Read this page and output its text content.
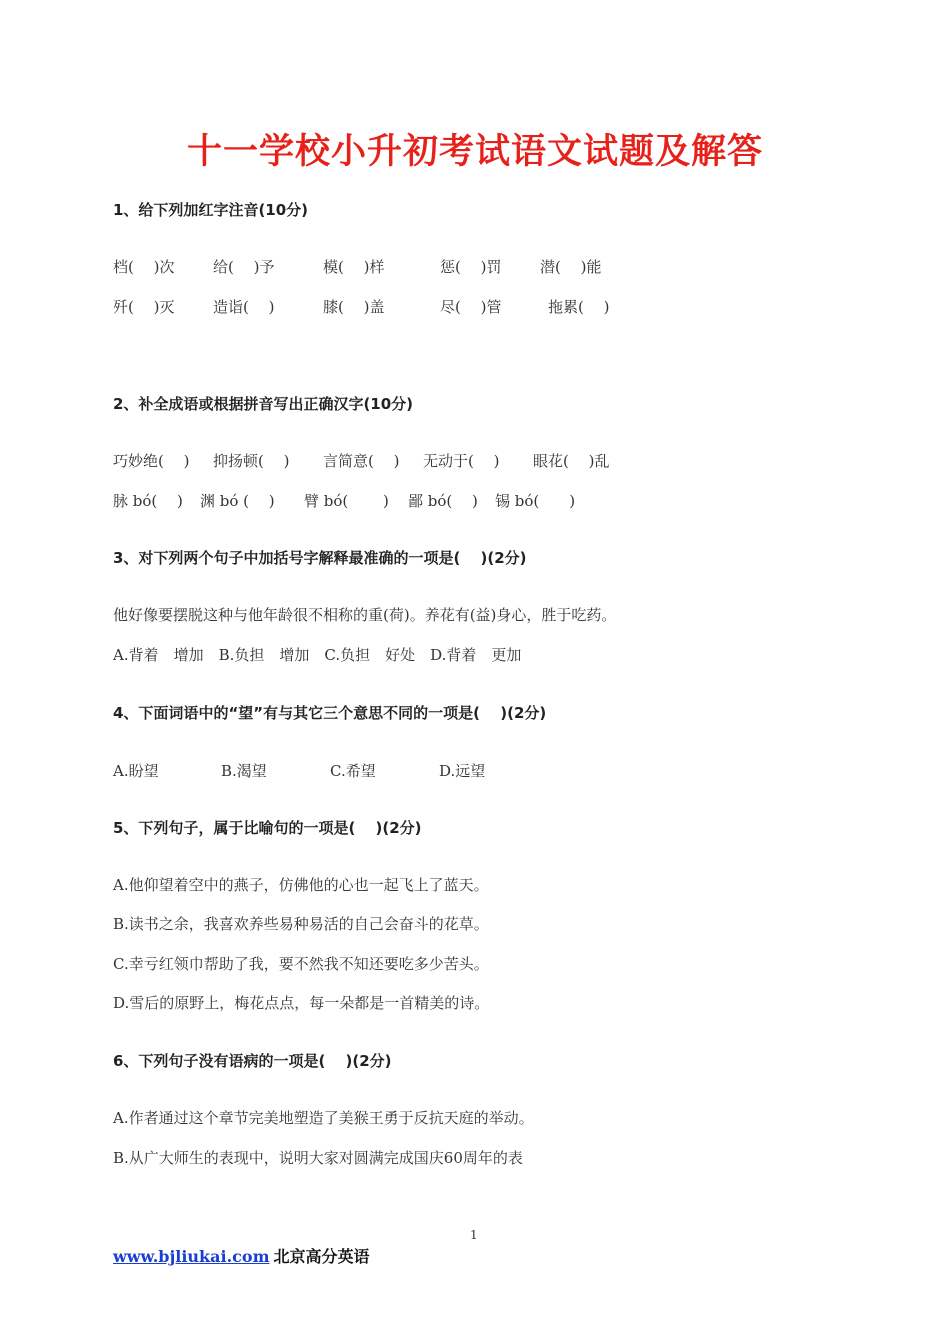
十一学校小升初考试语文试题及解答
1、给下列加红字注音(10分)
档(　 )次	给(　 )予	模(　 )样	惩(　 )罚	潜(　 )能
歼(　 )灭	造诣(　 )	膝(　 )盖	尽(　 )管	拖累(　 )
2、补全成语或根据拼音写出正确汉字(10分)
巧妙绝(　 ) 抑扬顿(　 ) 言简意(　 ) 无动于(　 ) 眼花(　 )乱
脉 bó(　 ) 渊 bó (　 ) 臂 bó(　　 ) 鄙 bó(　 ) 锡 bó(　　)
3、对下列两个句子中加括号字解释最准确的一项是(　 )(2分)
他好像要摆脱这种与他年龄很不相称的重(荷)。养花有(益)身心，胜于吃药。
A.背着　增加　B.负担　增加　C.负担　好处　D.背着　更加
4、下面词语中的“望”有与其它三个意思不同的一项是(　 )(2分)
A.盼望	B.渴望	C.希望	D.远望
5、下列句子，属于比喻句的一项是(　 )(2分)
A.他仰望着空中的燕子，仿佛他的心也一起飞上了蓝天。
B.读书之余，我喜欢养些易种易活的自己会奋斗的花草。
C.幸亏红领巾帮助了我，要不然我不知还要吃多少苦头。
D.雪后的原野上，梅花点点，每一朵都是一首精美的诗。
6、下列句子没有语病的一项是(　 )(2分)
A.作者通过这个章节完美地塑造了美猴王勇于反抗天庭的举动。
B.从广大师生的表现中，说明大家对圆满完成国庆60周年的表
1
www.bjliukai.com 北京高分英语
